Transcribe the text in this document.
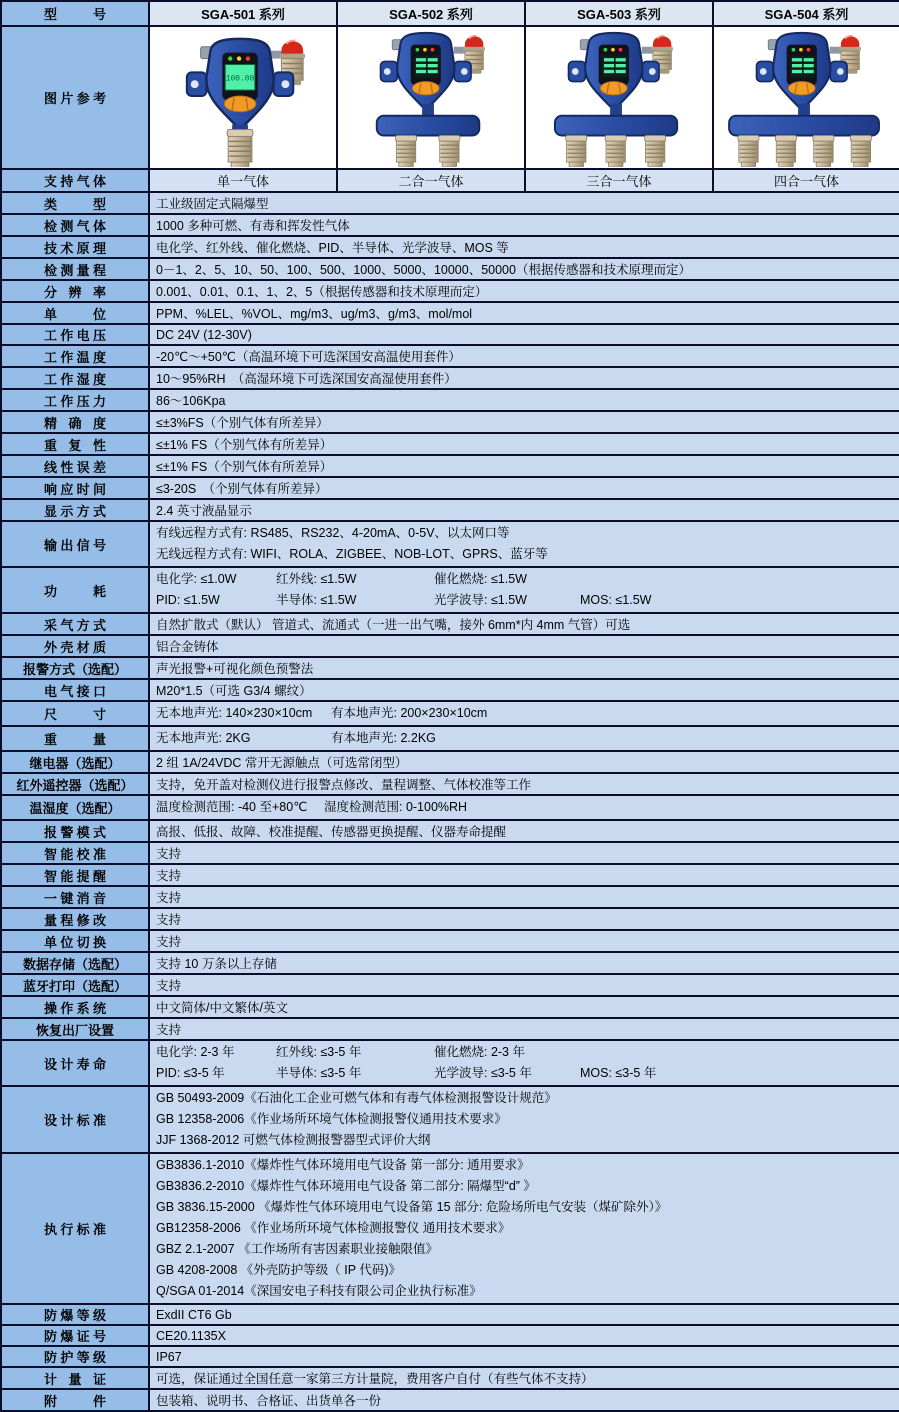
型号	SGA-501 系列	SGA-502 系列	SGA-503 系列	SGA-504 系列
图片参考	100.00

支持气体	单一气体	二合一气体	三合一气体	四合一气体
类型	工业级固定式隔爆型			
检测气体	1000 多种可燃、有毒和挥发性气体			
技术原理	电化学、红外线、催化燃烧、PID、半导体、光学波导、MOS 等			
检测量程	0－1、2、5、10、50、100、500、1000、5000、10000、50000（根据传感器和技术原理而定）			
分辨率	0.001、0.01、0.1、1、2、5（根据传感器和技术原理而定）			
单位	PPM、%LEL、%VOL、mg/m3、ug/m3、g/m3、mol/mol			
工作电压	DC 24V (12-30V)			
工作温度	-20℃～+50℃（高温环境下可选深国安高温使用套件）			
工作湿度	10～95%RH　（高湿环境下可选深国安高湿使用套件）			
工作压力	86～106Kpa			
精确度	≤±3%FS（个别气体有所差异）			
重复性	≤±1% FS（个别气体有所差异）			
线性误差	≤±1% FS（个别气体有所差异）			
响应时间	≤3-20S　（个别气体有所差异）			
显示方式	2.4 英寸液晶显示			
输出信号	有线远程方式有: RS485、RS232、4-20mA、0-5V、以太网口等
无线远程方式有: WIFI、ROLA、ZIGBEE、NOB-LOT、GPRS、蓝牙等			

功耗	电化学: ≤1.0W 红外线: ≤1.5W 催化燃烧: ≤1.5W
PID: ≤1.5W 半导体: ≤1.5W 光学波导: ≤1.5W MOS: ≤1.5W			

采气方式	自然扩散式（默认） 管道式、流通式（一进一出气嘴，接外 6mm*内 4mm 气管）可选			
外壳材质	铝合金铸体			
报警方式（选配）	声光报警+可视化颜色预警法			
电气接口	M20*1.5（可选 G3/4 螺纹）			
尺寸	无本地声光: 140×230×10cm 有本地声光: 200×230×10cm			

重量	无本地声光: 2KG 有本地声光: 2.2KG			

继电器（选配）	2 组 1A/24VDC 常开无源触点（可选常闭型）			
红外遥控器（选配）	支持，免开盖对检测仪进行报警点修改、量程调整、气体校准等工作			
温湿度（选配）	温度检测范围: -40 至+80℃ 湿度检测范围: 0-100%RH			

报警模式	高报、低报、故障、校准提醒、传感器更换提醒、仪器寿命提醒			
智能校准	支持			
智能提醒	支持			
一键消音	支持			
量程修改	支持			
单位切换	支持			
数据存储（选配）	支持 10 万条以上存储			
蓝牙打印（选配）	支持			
操作系统	中文简体/中文繁体/英文			
恢复出厂设置	支持			
设计寿命	电化学: 2-3 年 红外线: ≤3-5 年 催化燃烧: 2-3 年
PID: ≤3-5 年 半导体: ≤3-5 年 光学波导: ≤3-5 年 MOS: ≤3-5 年			

设计标准	GB 50493-2009《石油化工企业可燃气体和有毒气体检测报警设计规范》
GB 12358-2006《作业场所环境气体检测报警仪通用技术要求》
JJF 1368-2012 可燃气体检测报警器型式评价大纲			

执行标准	
GB3836.1-2010《爆炸性气体环境用电气设备 第一部分: 通用要求》
GB3836.2-2010《爆炸性气体环境用电气设备 第二部分: 隔爆型“d” 》
GB 3836.15-2000 《爆炸性气体环境用电气设备第 15 部分: 危险场所电气安装（煤矿除外）》
GB12358-2006 《作业场所环境气体检测报警仪 通用技术要求》
GBZ 2.1-2007 《工作场所有害因素职业接触限值》
GB 4208-2008 《外壳防护等级（ IP 代码)》
Q/SGA 01-2014《深国安电子科技有限公司企业执行标准》

防爆等级	ExdII CT6 Gb			
防爆证号	CE20.1135X			
防护等级	IP67			
计量证	可选，保证通过全国任意一家第三方计量院，费用客户自付（有些气体不支持）			
附件	包装箱、说明书、合格证、出货单各一份			
